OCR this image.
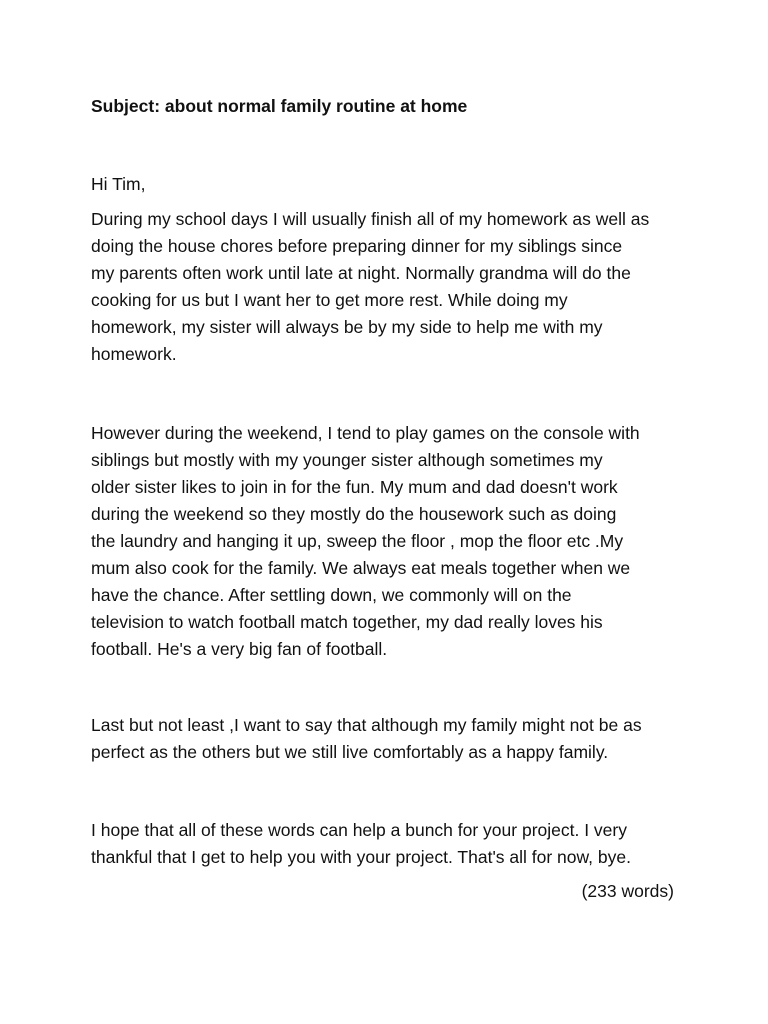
Subject: about normal family routine at home
Hi Tim,

During my school days I will usually finish all of my homework as well as
doing the house chores before preparing dinner for my siblings since
my parents often work until late at night. Normally grandma will do the
cooking for us but I want her to get more rest. While doing my
homework, my sister will always be by my side to help me with my
homework.

However during the weekend, I tend to play games on the console with
siblings but mostly with my younger sister although sometimes my
older sister likes to join in for the fun. My mum and dad doesn't work
during the weekend so they mostly do the housework such as doing
the laundry and hanging it up, sweep the floor , mop the floor etc .My
mum also cook for the family. We always eat meals together when we
have the chance. After settling down, we commonly will on the
television to watch football match together, my dad really loves his
football. He's a very big fan of football.

Last but not least ,I want to say that although my family might not be as
perfect as the others but we still live comfortably as a happy family.

I hope that all of these words can help a bunch for your project. I very
thankful that I get to help you with your project. That's all for now, bye.

(233 words)
